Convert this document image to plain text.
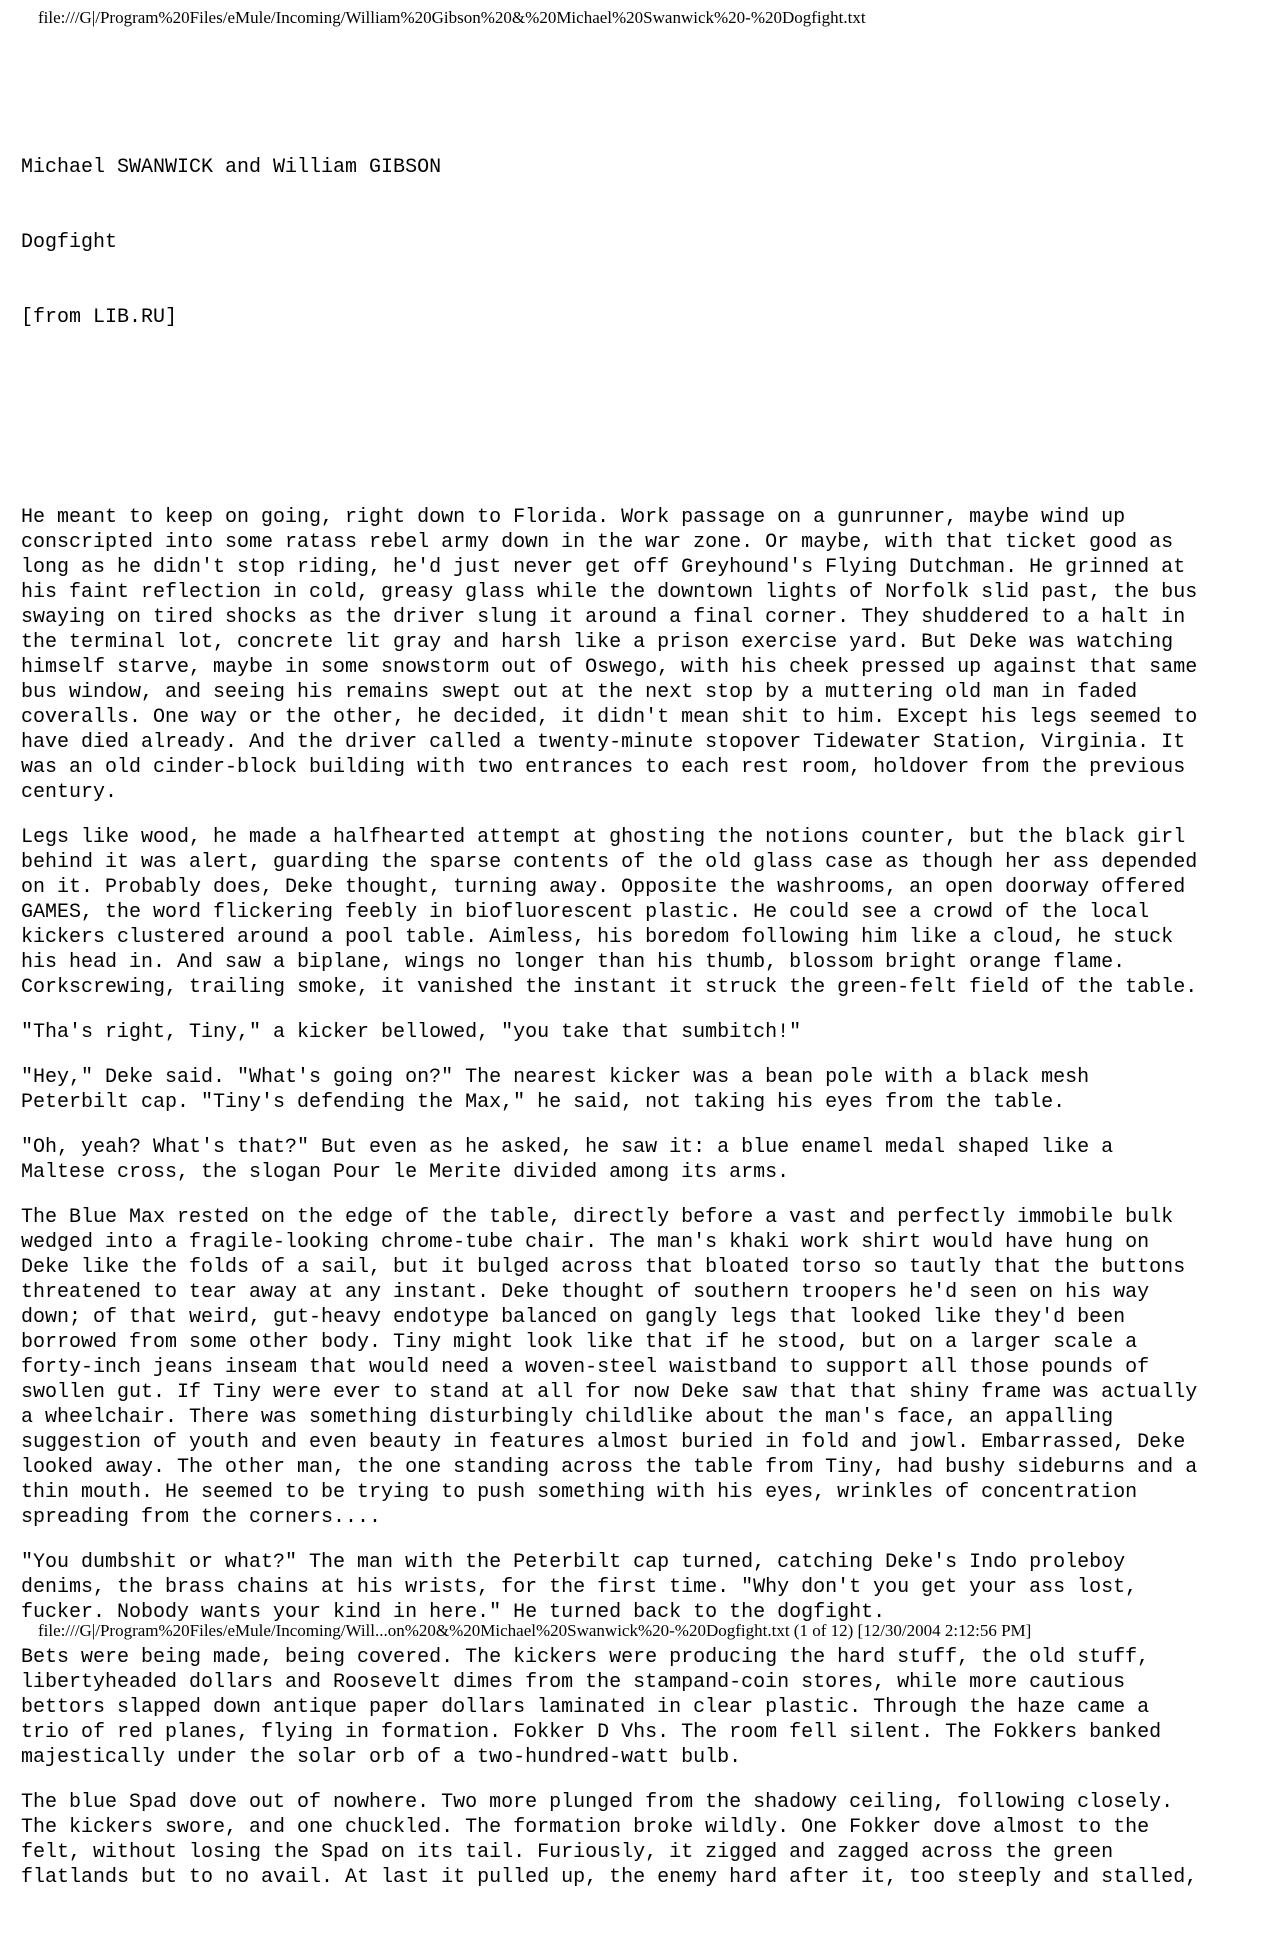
file:///G|/Program%20Files/eMule/Incoming/William%20Gibson%20&%20Michael%20Swanwick%20-%20Dogfight.txt

Michael SWANWICK and William GIBSON

Dogfight

[from LIB.RU]

He meant to keep on going, right down to Florida. Work passage on a gunrunner, maybe wind up
conscripted into some ratass rebel army down in the war zone. Or maybe, with that ticket good as
long as he didn't stop riding, he'd just never get off Greyhound's Flying Dutchman. He grinned at
his faint reflection in cold, greasy glass while the downtown lights of Norfolk slid past, the bus
swaying on tired shocks as the driver slung it around a final corner. They shuddered to a halt in
the terminal lot, concrete lit gray and harsh like a prison exercise yard. But Deke was watching
himself starve, maybe in some snowstorm out of Oswego, with his cheek pressed up against that same
bus window, and seeing his remains swept out at the next stop by a muttering old man in faded
coveralls. One way or the other, he decided, it didn't mean shit to him. Except his legs seemed to
have died already. And the driver called a twenty-minute stopover Tidewater Station, Virginia. It
was an old cinder-block building with two entrances to each rest room, holdover from the previous
century.

Legs like wood, he made a halfhearted attempt at ghosting the notions counter, but the black girl
behind it was alert, guarding the sparse contents of the old glass case as though her ass depended
on it. Probably does, Deke thought, turning away. Opposite the washrooms, an open doorway offered
GAMES, the word flickering feebly in biofluorescent plastic. He could see a crowd of the local
kickers clustered around a pool table. Aimless, his boredom following him like a cloud, he stuck
his head in. And saw a biplane, wings no longer than his thumb, blossom bright orange flame.
Corkscrewing, trailing smoke, it vanished the instant it struck the green-felt field of the table.

"Tha's right, Tiny," a kicker bellowed, "you take that sumbitch!"

"Hey," Deke said. "What's going on?" The nearest kicker was a bean pole with a black mesh
Peterbilt cap. "Tiny's defending the Max," he said, not taking his eyes from the table.

"Oh, yeah? What's that?" But even as he asked, he saw it: a blue enamel medal shaped like a
Maltese cross, the slogan Pour le Merite divided among its arms.

The Blue Max rested on the edge of the table, directly before a vast and perfectly immobile bulk
wedged into a fragile-looking chrome-tube chair. The man's khaki work shirt would have hung on
Deke like the folds of a sail, but it bulged across that bloated torso so tautly that the buttons
threatened to tear away at any instant. Deke thought of southern troopers he'd seen on his way
down; of that weird, gut-heavy endotype balanced on gangly legs that looked like they'd been
borrowed from some other body. Tiny might look like that if he stood, but on a larger scale a
forty-inch jeans inseam that would need a woven-steel waistband to support all those pounds of
swollen gut. If Tiny were ever to stand at all for now Deke saw that that shiny frame was actually
a wheelchair. There was something disturbingly childlike about the man's face, an appalling
suggestion of youth and even beauty in features almost buried in fold and jowl. Embarrassed, Deke
looked away. The other man, the one standing across the table from Tiny, had bushy sideburns and a
thin mouth. He seemed to be trying to push something with his eyes, wrinkles of concentration
spreading from the corners....

"You dumbshit or what?" The man with the Peterbilt cap turned, catching Deke's Indo proleboy
denims, the brass chains at his wrists, for the first time. "Why don't you get your ass lost,
fucker. Nobody wants your kind in here." He turned back to the dogfight.

Bets were being made, being covered. The kickers were producing the hard stuff, the old stuff,
libertyheaded dollars and Roosevelt dimes from the stampand-coin stores, while more cautious
bettors slapped down antique paper dollars laminated in clear plastic. Through the haze came a
trio of red planes, flying in formation. Fokker D Vhs. The room fell silent. The Fokkers banked
majestically under the solar orb of a two-hundred-watt bulb.

The blue Spad dove out of nowhere. Two more plunged from the shadowy ceiling, following closely.
The kickers swore, and one chuckled. The formation broke wildly. One Fokker dove almost to the
felt, without losing the Spad on its tail. Furiously, it zigged and zagged across the green
flatlands but to no avail. At last it pulled up, the enemy hard after it, too steeply and stalled,

file:///G|/Program%20Files/eMule/Incoming/Will...on%20&%20Michael%20Swanwick%20-%20Dogfight.txt (1 of 12) [12/30/2004 2:12:56 PM]
